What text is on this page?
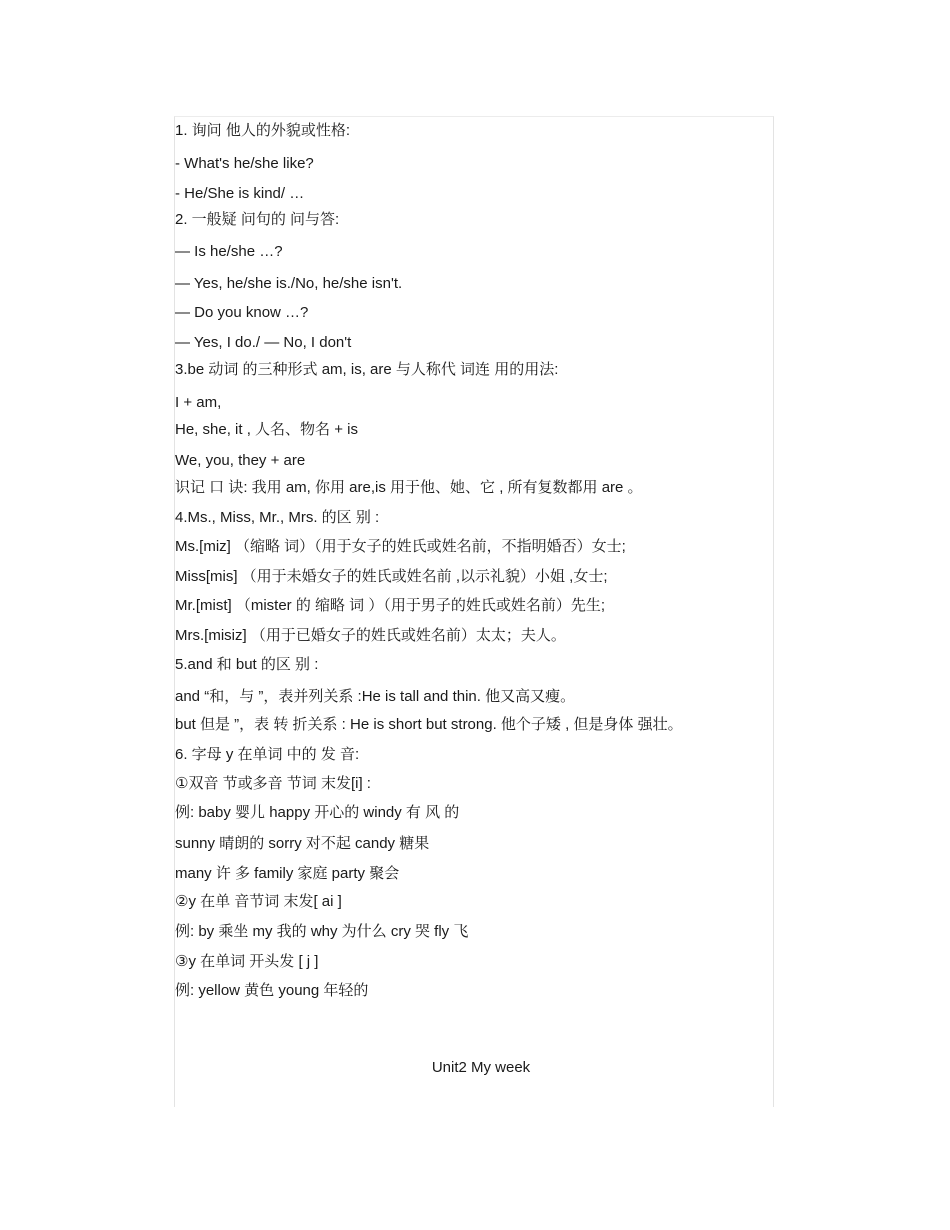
1. 询问 他人的外貌或性格:
- What's he/she like?
- He/She is kind/ …
2. 一般疑 问句的 问与答:
— Is he/she …?
— Yes, he/she is./No, he/she isn't.
— Do you know …?
— Yes, I do./ — No, I don't
3.be 动词 的三种形式 am, is, are 与人称代 词连 用的用法:
I + am,
He, she, it , 人名、物名 + is
We, you, they + are
识记 口 诀: 我用 am, 你用 are,is 用于他、她、它 , 所有复数都用 are 。
4.Ms., Miss, Mr., Mrs. 的区 别 :
Ms.[miz] （缩略 词）（用于女子的姓氏或姓名前，不指明婚否）女士;
Miss[mis] （用于未婚女子的姓氏或姓名前 ,以示礼貌）小姐 ,女士;
Mr.[mist] （mister 的 缩略 词 ）（用于男子的姓氏或姓名前）先生;
Mrs.[misiz] （用于已婚女子的姓氏或姓名前）太太；夫人。
5.and 和 but 的区 别 :
and “和，与 ”，表并列关系 :He is tall and thin. 他又高又瘦。
but 但是 ”，表 转 折关系 : He is short but strong. 他个子矮 , 但是身体 强壮。
6. 字母 y 在单词 中的 发 音:
①双音 节或多音 节词 末发[i] :
例: baby 婴儿 happy 开心的 windy 有 风 的
sunny 晴朗的 sorry 对不起 candy 糖果
many 许 多 family 家庭 party 聚会
②y 在单 音节词 末发[ ai ]
例: by 乘坐 my 我的 why 为什么 cry 哭 fly 飞
③y 在单词 开头发 [ j ]
例: yellow 黄色 young 年轻的
Unit2 My week
